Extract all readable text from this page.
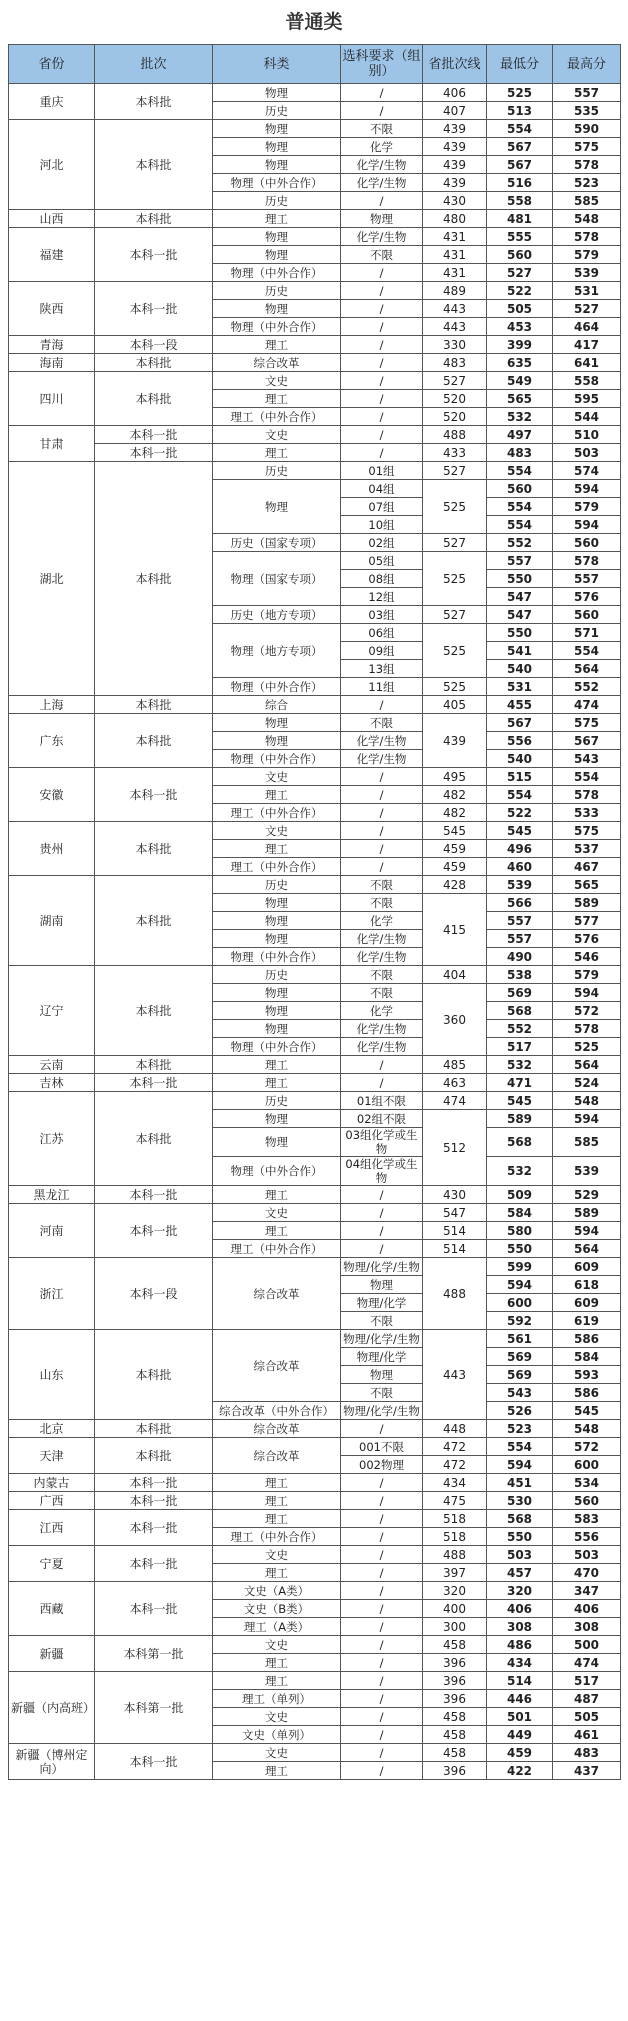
普通类
省份	批次	科类	选科要求（组别）	省批次线	最低分	最高分
重庆	本科批	物理	/	406	525	557
		历史	/	407	513	535
河北	本科批	物理	不限	439	554	590
		物理	化学	439	567	575
		物理	化学/生物	439	567	578
		物理（中外合作）	化学/生物	439	516	523
		历史	/	430	558	585
山西	本科批	理工	物理	480	481	548
福建	本科一批	物理	化学/生物	431	555	578
		物理	不限	431	560	579
		物理（中外合作）	/	431	527	539
陕西	本科一批	历史	/	489	522	531
		物理	/	443	505	527
		物理（中外合作）	/	443	453	464
青海	本科一段	理工	/	330	399	417
海南	本科批	综合改革	/	483	635	641
四川	本科批	文史	/	527	549	558
		理工	/	520	565	595
		理工（中外合作）	/	520	532	544
甘肃	本科一批	文史	/	488	497	510
	本科一批	理工	/	433	483	503
湖北	本科批	历史	01组	527	554	574
		物理	04组	525	560	594
			07组		554	579
			10组		554	594
		历史（国家专项）	02组	527	552	560
		物理（国家专项）	05组	525	557	578
			08组		550	557
			12组		547	576
		历史（地方专项）	03组	527	547	560
		物理（地方专项）	06组	525	550	571
			09组		541	554
			13组		540	564
		物理（中外合作）	11组	525	531	552
上海	本科批	综合	/	405	455	474
广东	本科批	物理	不限	439	567	575
		物理	化学/生物		556	567
		物理（中外合作）	化学/生物		540	543
安徽	本科一批	文史	/	495	515	554
		理工	/	482	554	578
		理工（中外合作）	/	482	522	533
贵州	本科批	文史	/	545	545	575
		理工	/	459	496	537
		理工（中外合作）	/	459	460	467
湖南	本科批	历史	不限	428	539	565
		物理	不限	415	566	589
		物理	化学		557	577
		物理	化学/生物		557	576
		物理（中外合作）	化学/生物		490	546
辽宁	本科批	历史	不限	404	538	579
		物理	不限	360	569	594
		物理	化学		568	572
		物理	化学/生物		552	578
		物理（中外合作）	化学/生物		517	525
云南	本科批	理工	/	485	532	564
吉林	本科一批	理工	/	463	471	524
江苏	本科批	历史	01组不限	474	545	548
		物理	02组不限	512	589	594
		物理	03组化学或生物		568	585
		物理（中外合作）	04组化学或生物		532	539
黑龙江	本科一批	理工	/	430	509	529
河南	本科一批	文史	/	547	584	589
		理工	/	514	580	594
		理工（中外合作）	/	514	550	564
浙江	本科一段	综合改革	物理/化学/生物	488	599	609
			物理		594	618
			物理/化学		600	609
			不限		592	619
山东	本科批	综合改革	物理/化学/生物	443	561	586
			物理/化学		569	584
			物理		569	593
			不限		543	586
		综合改革（中外合作）	物理/化学/生物		526	545
北京	本科批	综合改革	/	448	523	548
天津	本科批	综合改革	001不限	472	554	572
			002物理	472	594	600
内蒙古	本科一批	理工	/	434	451	534
广西	本科一批	理工	/	475	530	560
江西	本科一批	理工	/	518	568	583
		理工（中外合作）	/	518	550	556
宁夏	本科一批	文史	/	488	503	503
		理工	/	397	457	470
西藏	本科一批	文史（A类）	/	320	320	347
		文史（B类）	/	400	406	406
		理工（A类）	/	300	308	308
新疆	本科第一批	文史	/	458	486	500
		理工	/	396	434	474
新疆（内高班）	本科第一批	理工	/	396	514	517
		理工（单列）	/	396	446	487
		文史	/	458	501	505
		文史（单列）	/	458	449	461
新疆（博州定向）	本科一批	文史	/	458	459	483
		理工	/	396	422	437
